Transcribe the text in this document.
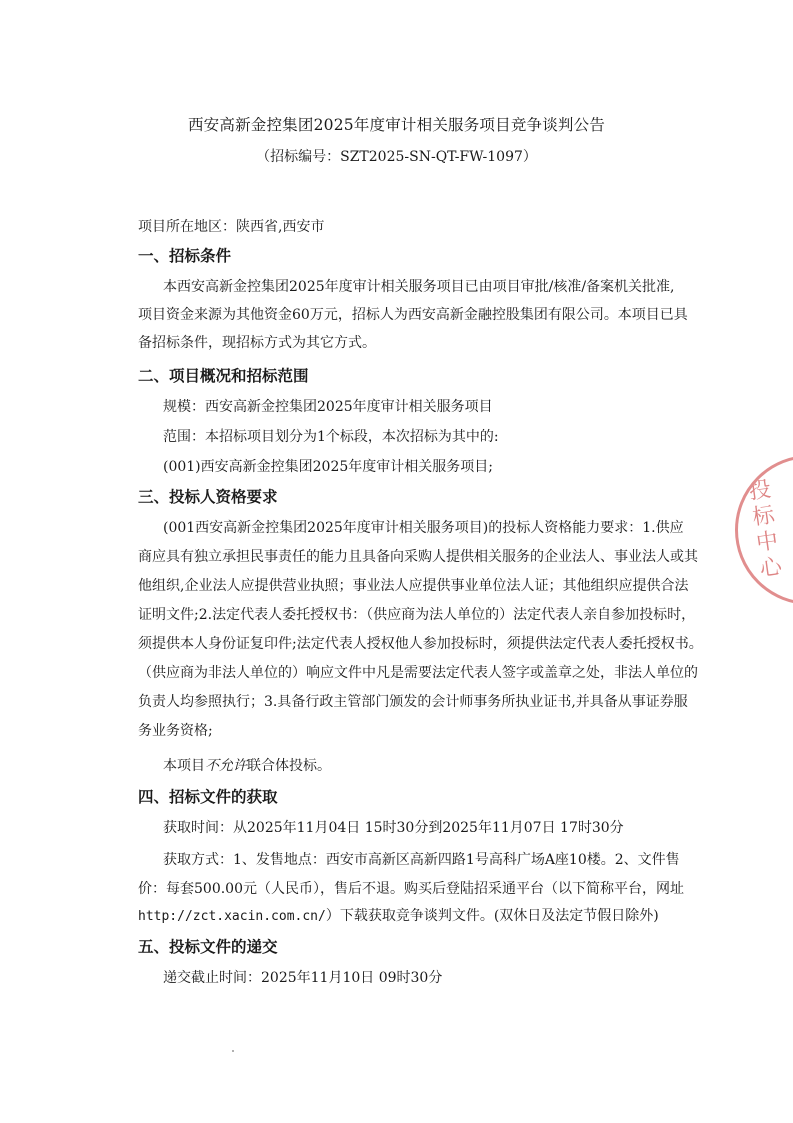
西安高新金控集团2025年度审计相关服务项目竞争谈判公告
（招标编号：SZT2025-SN-QT-FW-1097）
项目所在地区：陕西省,西安市
一、招标条件
本西安高新金控集团2025年度审计相关服务项目已由项目审批/核准/备案机关批准,
项目资金来源为其他资金60万元，招标人为西安高新金融控股集团有限公司。本项目已具
备招标条件，现招标方式为其它方式。
二、项目概况和招标范围
规模：西安高新金控集团2025年度审计相关服务项目
范围：本招标项目划分为1个标段，本次招标为其中的:
(001)西安高新金控集团2025年度审计相关服务项目;
三、投标人资格要求
(001西安高新金控集团2025年度审计相关服务项目)的投标人资格能力要求：1.供应
商应具有独立承担民事责任的能力且具备向采购人提供相关服务的企业法人、事业法人或其
他组织,企业法人应提供营业执照；事业法人应提供事业单位法人证；其他组织应提供合法
证明文件;2.法定代表人委托授权书：（供应商为法人单位的）法定代表人亲自参加投标时，
须提供本人身份证复印件;法定代表人授权他人参加投标时，须提供法定代表人委托授权书。
（供应商为非法人单位的）响应文件中凡是需要法定代表人签字或盖章之处，非法人单位的
负责人均参照执行；3.具备行政主管部门颁发的会计师事务所执业证书,并具备从事证券服
务业务资格;
本项目不允许联合体投标。
四、招标文件的获取
获取时间：从2025年11月04日 15时30分到2025年11月07日 17时30分
获取方式：1、发售地点：西安市高新区高新四路1号高科广场A座10楼。2、文件售
价：每套500.00元（人民币），售后不退。购买后登陆招采通平台（以下简称平台，网址
http://zct.xacin.com.cn/）下载获取竞争谈判文件。(双休日及法定节假日除外)
五、投标文件的递交
递交截止时间：2025年11月10日 09时30分
投标中心
